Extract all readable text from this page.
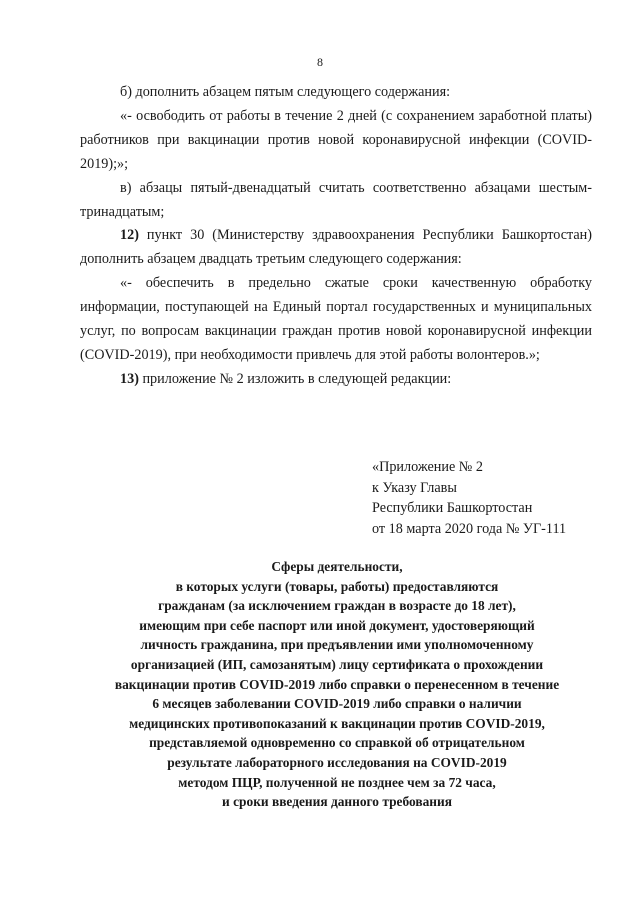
8

б) дополнить абзацем пятым следующего содержания:

«- освободить от работы в течение 2 дней (с сохранением заработной платы) работников при вакцинации против новой коронавирусной инфекции (COVID-2019);»;

в) абзацы пятый-двенадцатый считать соответственно абзацами шестым-тринадцатым;

12) пункт 30 (Министерству здравоохранения Республики Башкортостан) дополнить абзацем двадцать третьим следующего содержания:

«- обеспечить в предельно сжатые сроки качественную обработку информации, поступающей на Единый портал государственных и муниципальных услуг, по вопросам вакцинации граждан против новой коронавирусной инфекции (COVID-2019), при необходимости привлечь для этой работы волонтеров.»;

13) приложение № 2 изложить в следующей редакции:

«Приложение № 2
к Указу Главы
Республики Башкортостан
от 18 марта 2020 года № УГ-111
Сферы деятельности,
в которых услуги (товары, работы) предоставляются
гражданам (за исключением граждан в возрасте до 18 лет),
имеющим при себе паспорт или иной документ, удостоверяющий
личность гражданина, при предъявлении ими уполномоченному
организацией (ИП, самозанятым) лицу сертификата о прохождении
вакцинации против COVID-2019 либо справки о перенесенном в течение
6 месяцев заболевании COVID-2019 либо справки о наличии
медицинских противопоказаний к вакцинации против COVID-2019,
представляемой одновременно со справкой об отрицательном
результате лабораторного исследования на COVID-2019
методом ПЦР, полученной не позднее чем за 72 часа,
и сроки введения данного требования
